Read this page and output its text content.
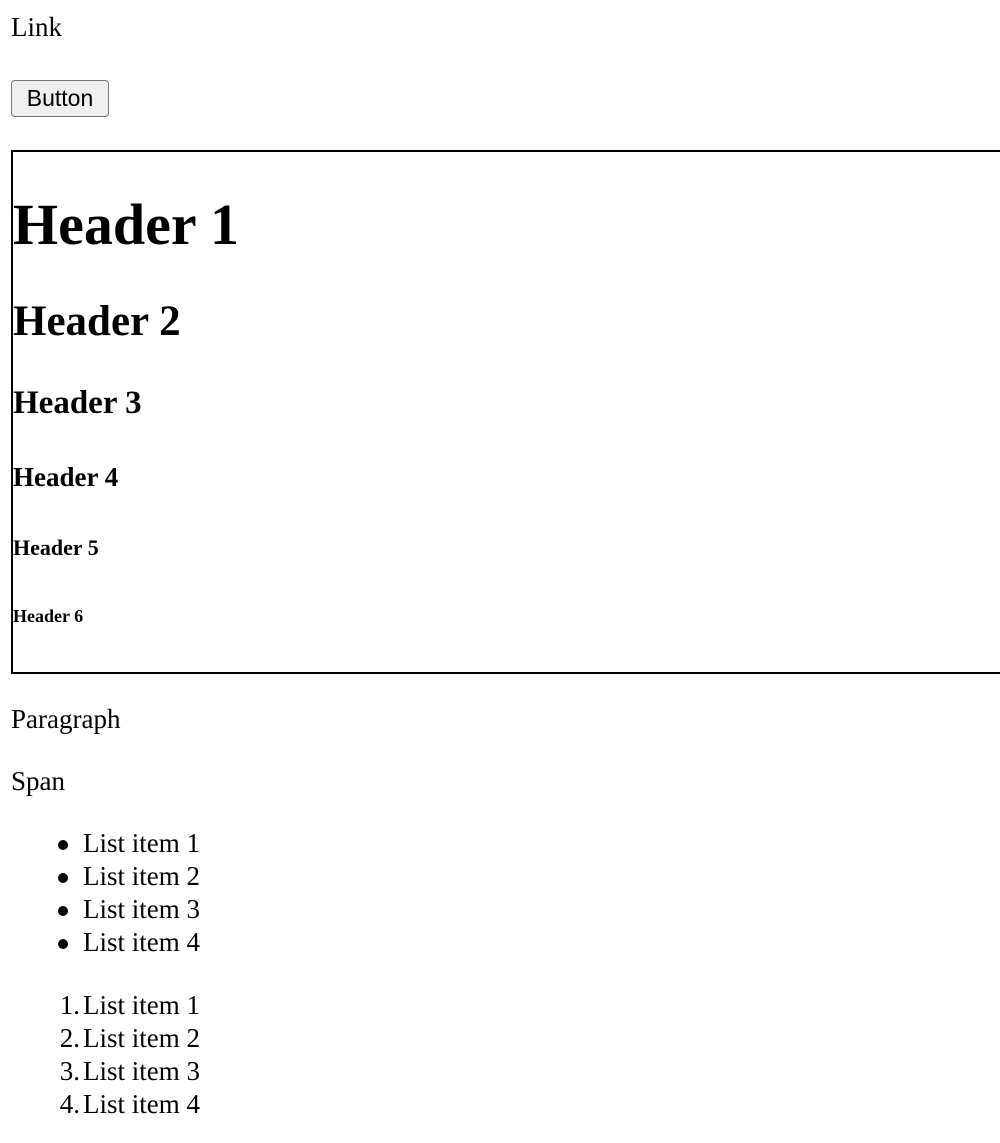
Link
Button
Header 1
Header 2
Header 3
Header 4
Header 5
Header 6

Paragraph

Span
List item 1
List item 2
List item 3
List item 4
1. List item 1
2. List item 2
3. List item 3
4. List item 4
